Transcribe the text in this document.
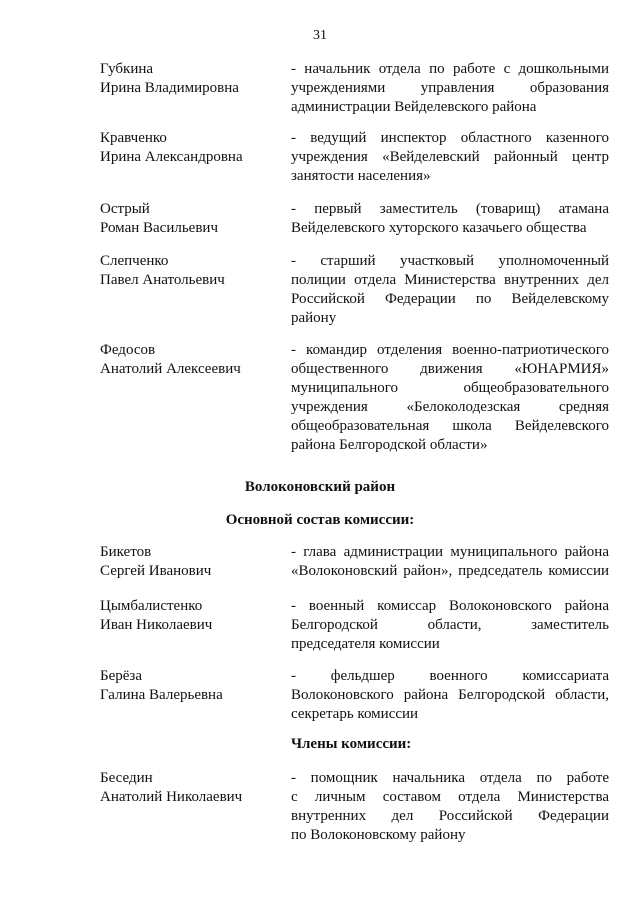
31
Губкина
Ирина Владимировна
- начальник отдела по работе с дошкольными
учреждениями управления образования
администрации Вейделевского района
Кравченко
Ирина Александровна
- ведущий инспектор областного казенного
учреждения «Вейделевский районный центр
занятости населения»
Острый
Роман Васильевич
- первый заместитель (товарищ) атамана
Вейделевского хуторского казачьего общества
Слепченко
Павел Анатольевич
- старший участковый уполномоченный
полиции отдела Министерства внутренних дел
Российской Федерации по Вейделевскому
району
Федосов
Анатолий Алексеевич
- командир отделения военно-патриотического
общественного движения «ЮНАРМИЯ»
муниципального общеобразовательного
учреждения «Белоколодезская средняя
общеобразовательная школа Вейделевского
района Белгородской области»
Волоконовский район
Основной состав комиссии:
Бикетов
Сергей Иванович
- глава администрации муниципального района
«Волоконовский район», председатель комиссии
Цымбалистенко
Иван Николаевич
- военный комиссар Волоконовского района
Белгородской области, заместитель
председателя комиссии
Берёза
Галина Валерьевна
- фельдшер военного комиссариата
Волоконовского района Белгородской области,
секретарь комиссии
Члены комиссии:
Беседин
Анатолий Николаевич
- помощник начальника отдела по работе
с личным составом отдела Министерства
внутренних дел Российской Федерации
по Волоконовскому району
